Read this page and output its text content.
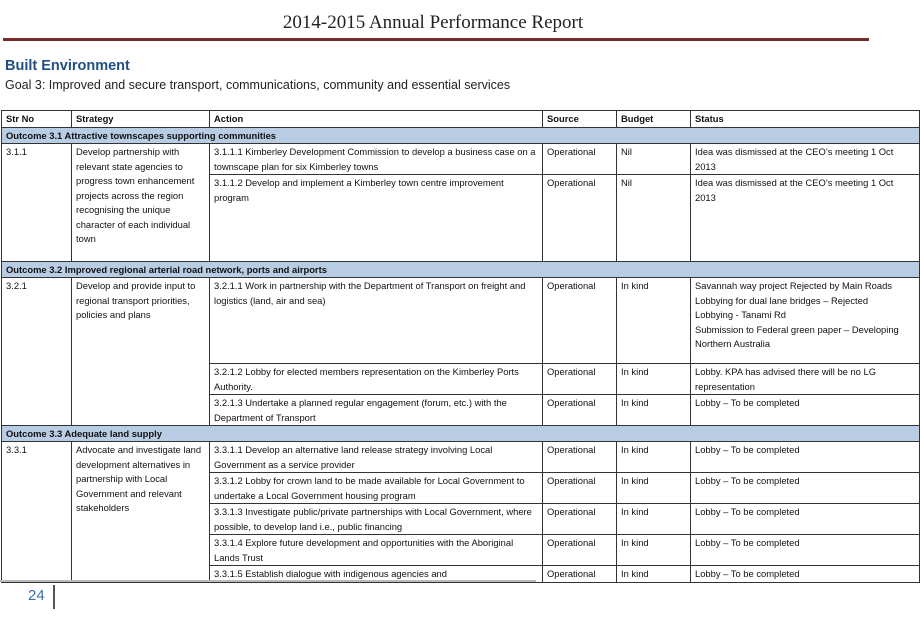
2014-2015 Annual Performance Report
Built Environment
Goal 3: Improved and secure transport, communications, community and essential services
Str No	Strategy	Action	Source	Budget	Status
Outcome 3.1 Attractive townscapes supporting communities					
3.1.1	Develop partnership with relevant state agencies to progress town enhancement projects across the region recognising the unique character of each individual town	3.1.1.1 Kimberley Development Commission to develop a business case on a townscape plan for six Kimberley towns	Operational	Nil	Idea was dismissed at the CEO’s meeting 1 Oct 2013
		3.1.1.2 Develop and implement a Kimberley town centre improvement program	Operational	Nil	Idea was dismissed at the CEO’s meeting 1 Oct 2013
Outcome 3.2 Improved regional arterial road network, ports and airports					
3.2.1	Develop and provide input to regional transport priorities, policies and plans	3.2.1.1 Work in partnership with the Department of Transport on freight and logistics (land, air and sea)	Operational	In kind	Savannah way project Rejected by Main Roads
Lobbying for dual lane bridges – Rejected
Lobbying - Tanami Rd
Submission to Federal green paper – Developing Northern Australia

		3.2.1.2 Lobby for elected members representation on the Kimberley Ports Authority.	Operational	In kind	Lobby. KPA has advised there will be no LG representation
		3.2.1.3 Undertake a planned regular engagement (forum, etc.) with the Department of Transport	Operational	In kind	Lobby – To be completed
Outcome 3.3 Adequate land supply					
3.3.1	Advocate and investigate land development alternatives in partnership with Local Government and relevant stakeholders	3.3.1.1 Develop an alternative land release strategy involving Local Government as a service provider	Operational	In kind	Lobby – To be completed
		3.3.1.2 Lobby for crown land to be made available for Local Government to undertake a Local Government housing program	Operational	In kind	Lobby – To be completed
		3.3.1.3 Investigate public/private partnerships with Local Government, where possible, to develop land i.e., public financing	Operational	In kind	Lobby – To be completed
		3.3.1.4 Explore future development and opportunities with the Aboriginal Lands Trust	Operational	In kind	Lobby – To be completed
		3.3.1.5 Establish dialogue with indigenous agencies and	Operational	In kind	Lobby – To be completed
24
